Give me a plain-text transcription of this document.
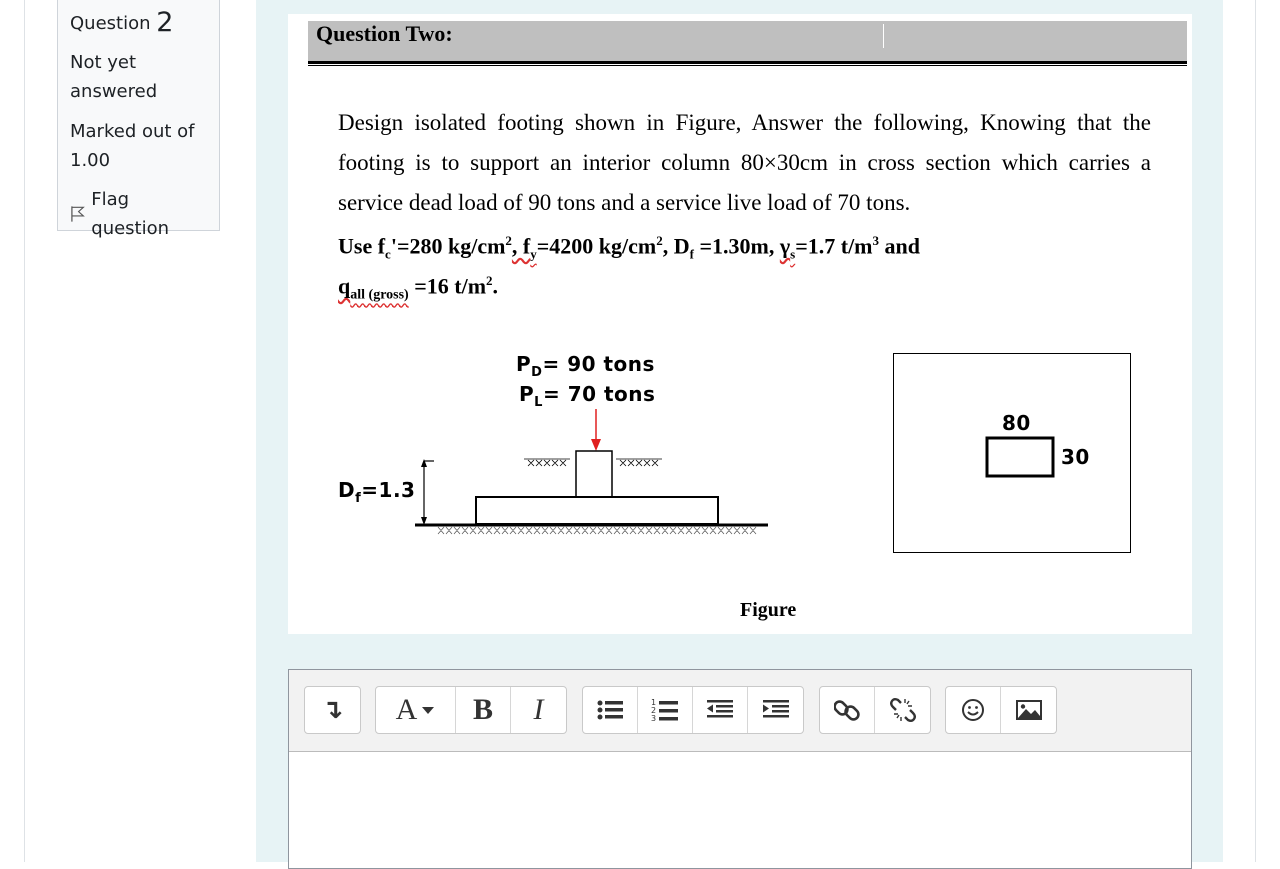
Question 2
Not yet answered
Marked out of 1.00
Flag question
Question Two:
Design isolated footing shown in Figure, Answer the following, Knowing that the
footing is to support an interior column 80×30cm in cross section which carries a
service dead load of 90 tons and a service live load of 70 tons.
Use $f_c'=280$ $kg/cm^2$, $f_y=4200$ $kg/cm^2$, $D_f =1.30m$, $\gamma_s=1.7$ $t/m^3$ and
$q_{all (gross)} =16$ $t/m^2$.
$P_D= 90$ tons
$P_L= 70$ tons
$D_f=1.3$
80
30
Figure
↴ A B I	1
2
3
